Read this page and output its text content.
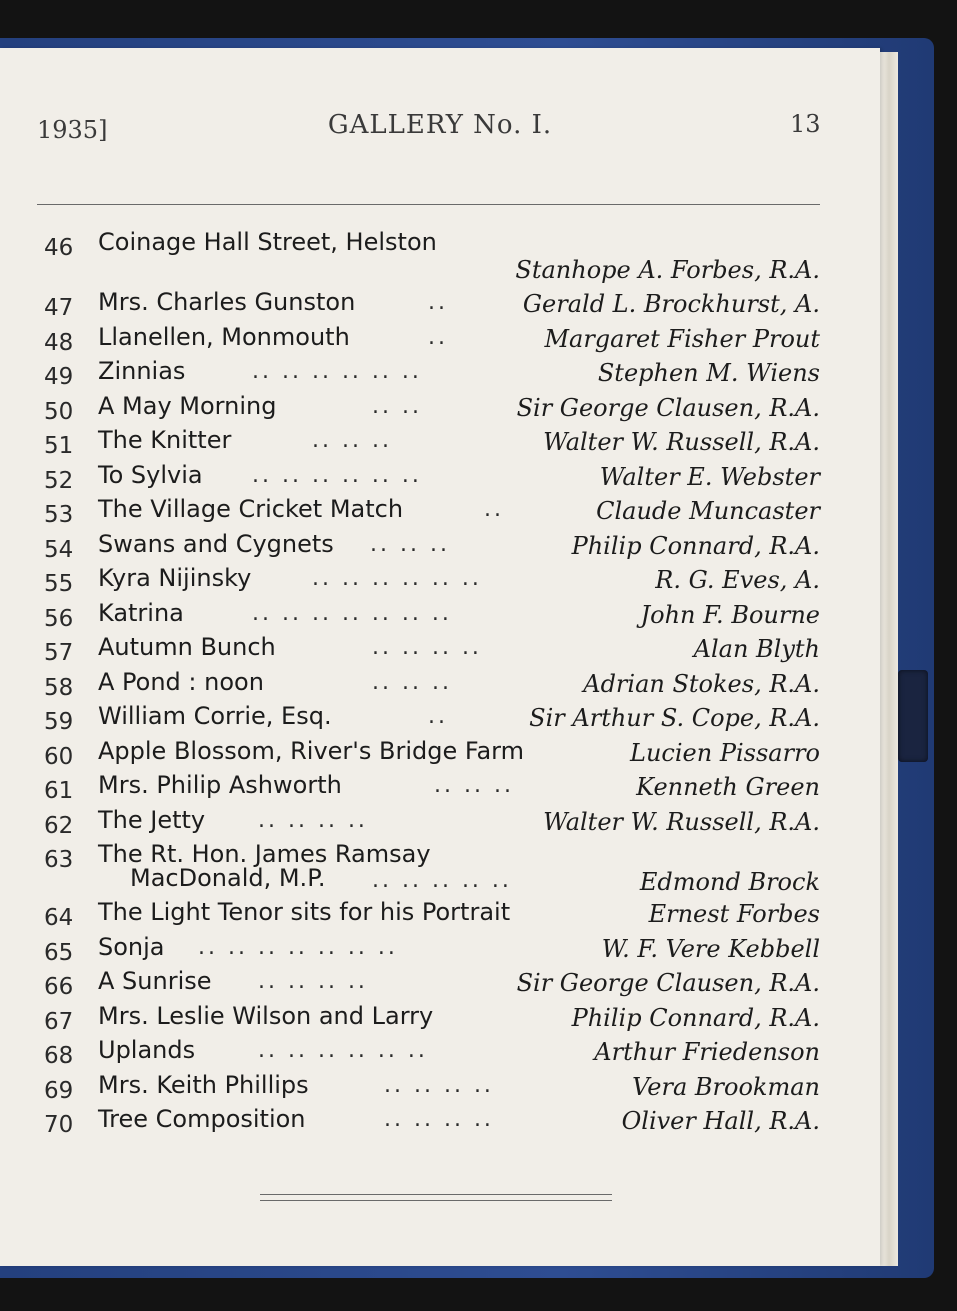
1935]	GALLERY No. I.	13
46 Coinage Hall Street, Helston
Stanhope A. Forbes, R.A.
47 Mrs. Charles Gunston	..	Gerald L. Brockhurst, A.
48 Llanellen, Monmouth	..	Margaret Fisher Prout
49 Zinnias	.. .. .. .. .. ..	Stephen M. Wiens
50 A May Morning	.. ..	Sir George Clausen, R.A.
51 The Knitter	.. .. ..	Walter W. Russell, R.A.
52 To Sylvia .. .. .. .. .. ..	Walter E. Webster
53 The Village Cricket Match	..	Claude Muncaster
54 Swans and Cygnets .. .. ..	Philip Connard, R.A.
55 Kyra Nijinsky	.. .. .. .. .. ..	R. G. Eves, A.
56 Katrina	.. .. .. .. .. .. ..	John F. Bourne
57 Autumn Bunch	.. .. .. ..	Alan Blyth
58 A Pond : noon	.. .. ..	Adrian Stokes, R.A.
59 William Corrie, Esq.	..	Sir Arthur S. Cope, R.A.
60 Apple Blossom, River's Bridge Farm	Lucien Pissarro
61 Mrs. Philip Ashworth	.. .. ..	Kenneth Green
62 The Jetty .. .. .. ..	Walter W. Russell, R.A.
63 The Rt. Hon. James Ramsay
MacDonald, M.P. .. .. .. .. ..	Edmond Brock
64 The Light Tenor sits for his Portrait	Ernest Forbes
65 Sonja .. .. .. .. .. .. ..	W. F. Vere Kebbell
66 A Sunrise .. .. .. ..	Sir George Clausen, R.A.
67 Mrs. Leslie Wilson and Larry	Philip Connard, R.A.
68 Uplands	.. .. .. .. .. ..	Arthur Friedenson
69 Mrs. Keith Phillips	.. .. .. ..	Vera Brookman
70 Tree Composition	.. .. .. ..	Oliver Hall, R.A.
